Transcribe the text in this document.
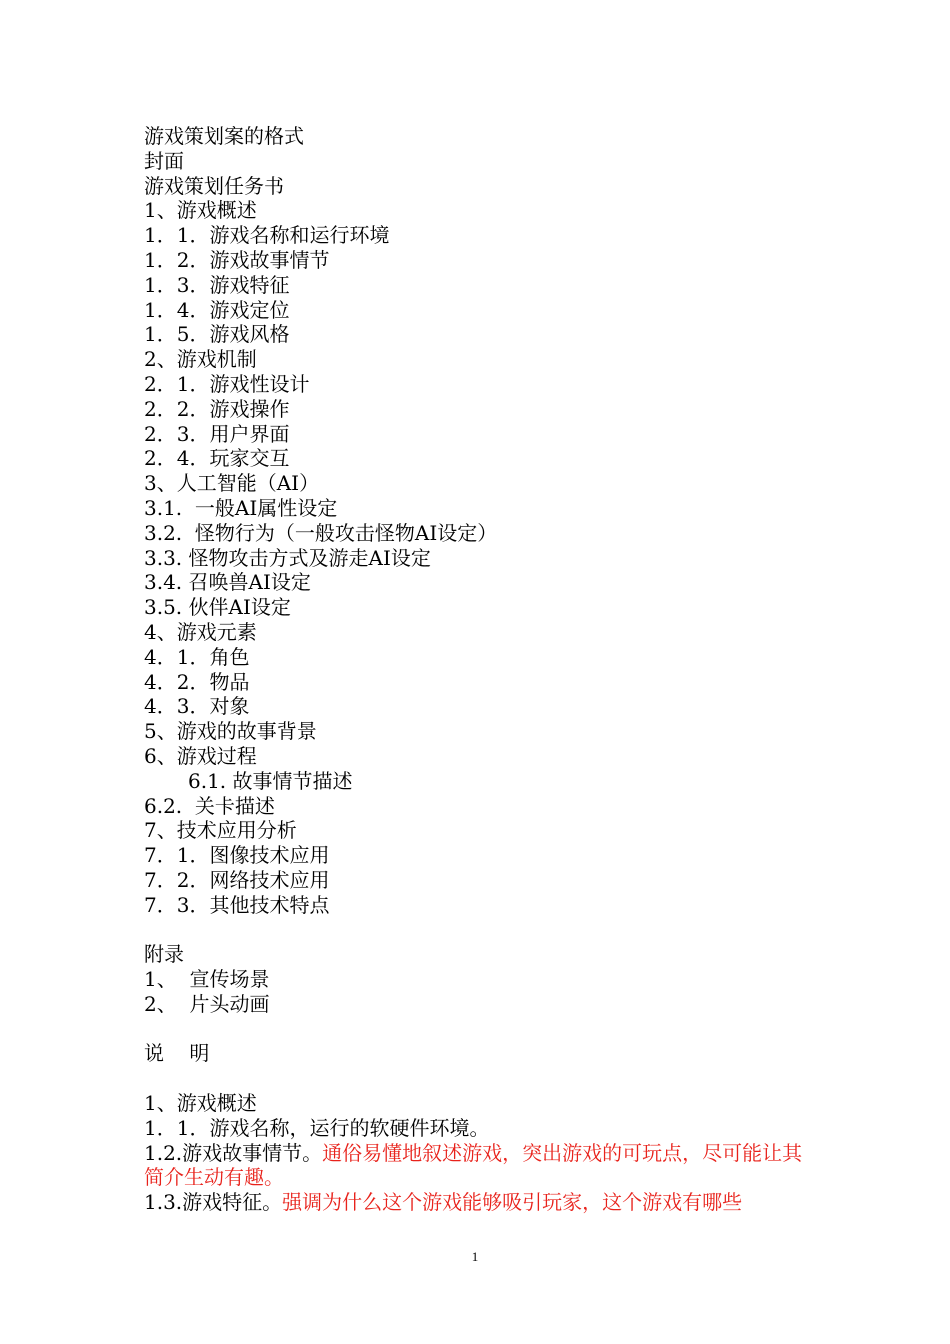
游戏策划案的格式
封面
游戏策划任务书
1、游戏概述
1．1．游戏名称和运行环境
1．2．游戏故事情节
1．3．游戏特征
1．4．游戏定位
1．5．游戏风格
2、游戏机制
2．1．游戏性设计
2．2．游戏操作
2．3．用户界面
2．4．玩家交互
3、人工智能（AI）
3.1.  一般AI属性设定
3.2.  怪物行为（一般攻击怪物AI设定）
3.3. 怪物攻击方式及游走AI设定
3.4. 召唤兽AI设定
3.5. 伙伴AI设定
4、游戏元素
4．1．角色
4．2．物品
4．3．对象
5、游戏的故事背景
6、游戏过程
6.1. 故事情节描述
6.2.  关卡描述
7、技术应用分析
7．1．图像技术应用
7．2．网络技术应用
7．3．其他技术特点
附录
1、  宣传场景
2、  片头动画
说    明
1、游戏概述
1．1．游戏名称，运行的软硬件环境。
1.2.游戏故事情节。通俗易懂地叙述游戏，突出游戏的可玩点，尽可能让其简介生动有趣。
1.3.游戏特征。强调为什么这个游戏能够吸引玩家，这个游戏有哪些
1
